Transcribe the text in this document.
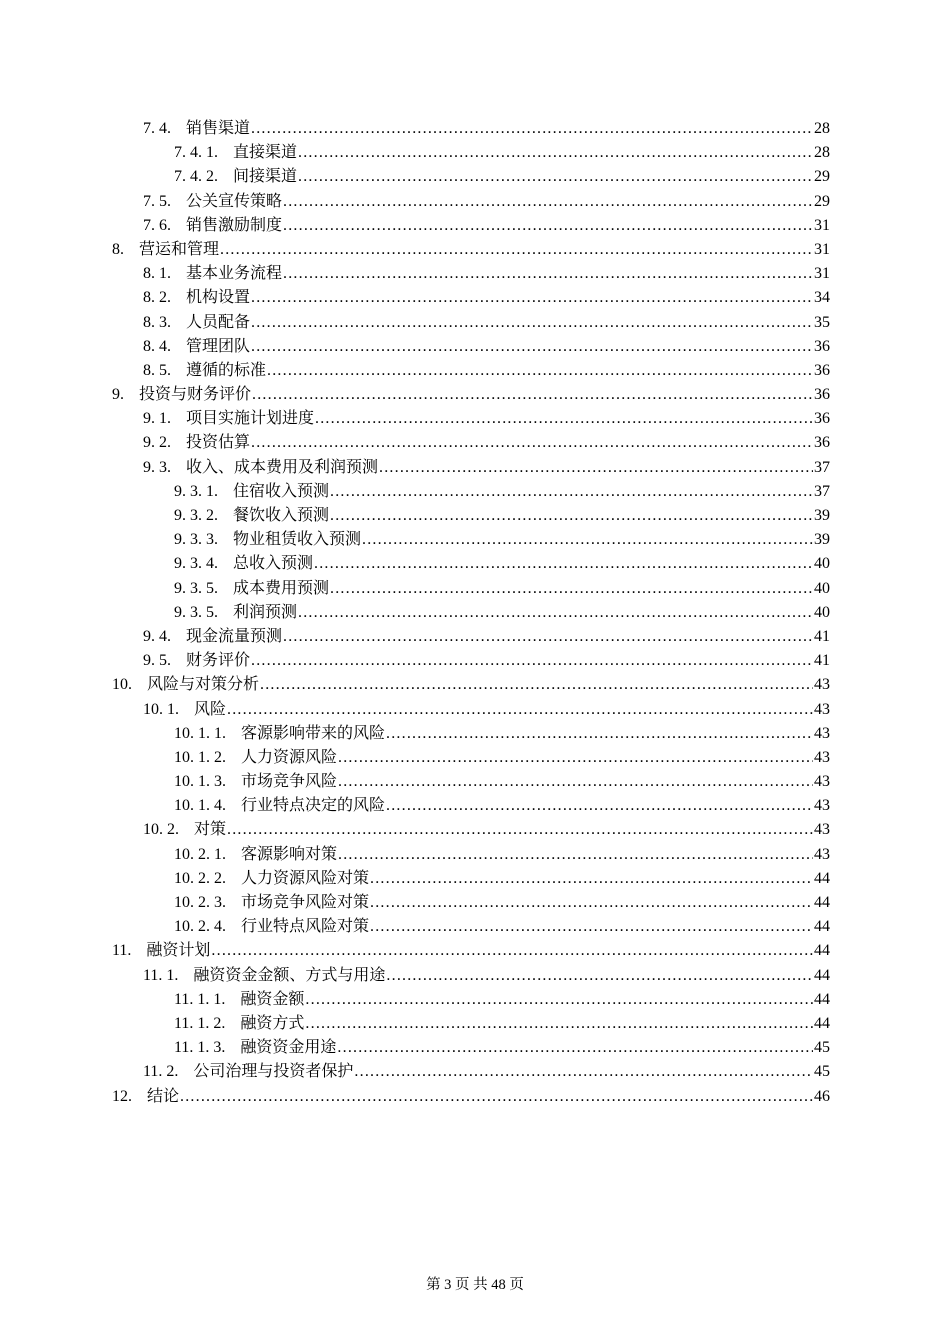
7. 4. 销售渠道 .....	28
7. 4. 1. 直接渠道 .....	28
7. 4. 2. 间接渠道 .....	29
7. 5. 公关宣传策略 .....	29
7. 6. 销售激励制度 .....	31
8. 营运和管理 .....	31
8. 1. 基本业务流程 .....	31
8. 2. 机构设置 .....	34
8. 3. 人员配备 .....	35
8. 4. 管理团队 .....	36
8. 5. 遵循的标准 .....	36
9. 投资与财务评价 .....	36
9. 1. 项目实施计划进度 .....	36
9. 2. 投资估算 .....	36
9. 3. 收入、成本费用及利润预测 .....	37
9. 3. 1. 住宿收入预测 .....	37
9. 3. 2. 餐饮收入预测 .....	39
9. 3. 3. 物业租赁收入预测 .....	39
9. 3. 4. 总收入预测 .....	40
9. 3. 5. 成本费用预测 .....	40
9. 3. 5. 利润预测 .....	40
9. 4. 现金流量预测 .....	41
9. 5. 财务评价 .....	41
10. 风险与对策分析 .....	43
10. 1. 风险 .....	43
10. 1. 1. 客源影响带来的风险 .....	43
10. 1. 2. 人力资源风险 .....	43
10. 1. 3. 市场竞争风险 .....	43
10. 1. 4. 行业特点决定的风险 .....	43
10. 2. 对策 .....	43
10. 2. 1. 客源影响对策 .....	43
10. 2. 2. 人力资源风险对策 .....	44
10. 2. 3. 市场竞争风险对策 .....	44
10. 2. 4. 行业特点风险对策 .....	44
11. 融资计划 .....	44
11. 1. 融资资金金额、方式与用途 .....	44
11. 1. 1. 融资金额 .....	44
11. 1. 2. 融资方式 .....	44
11. 1. 3. 融资资金用途 .....	45
11. 2. 公司治理与投资者保护 .....	45
12. 结论 .....	46
第 3 页 共 48 页
